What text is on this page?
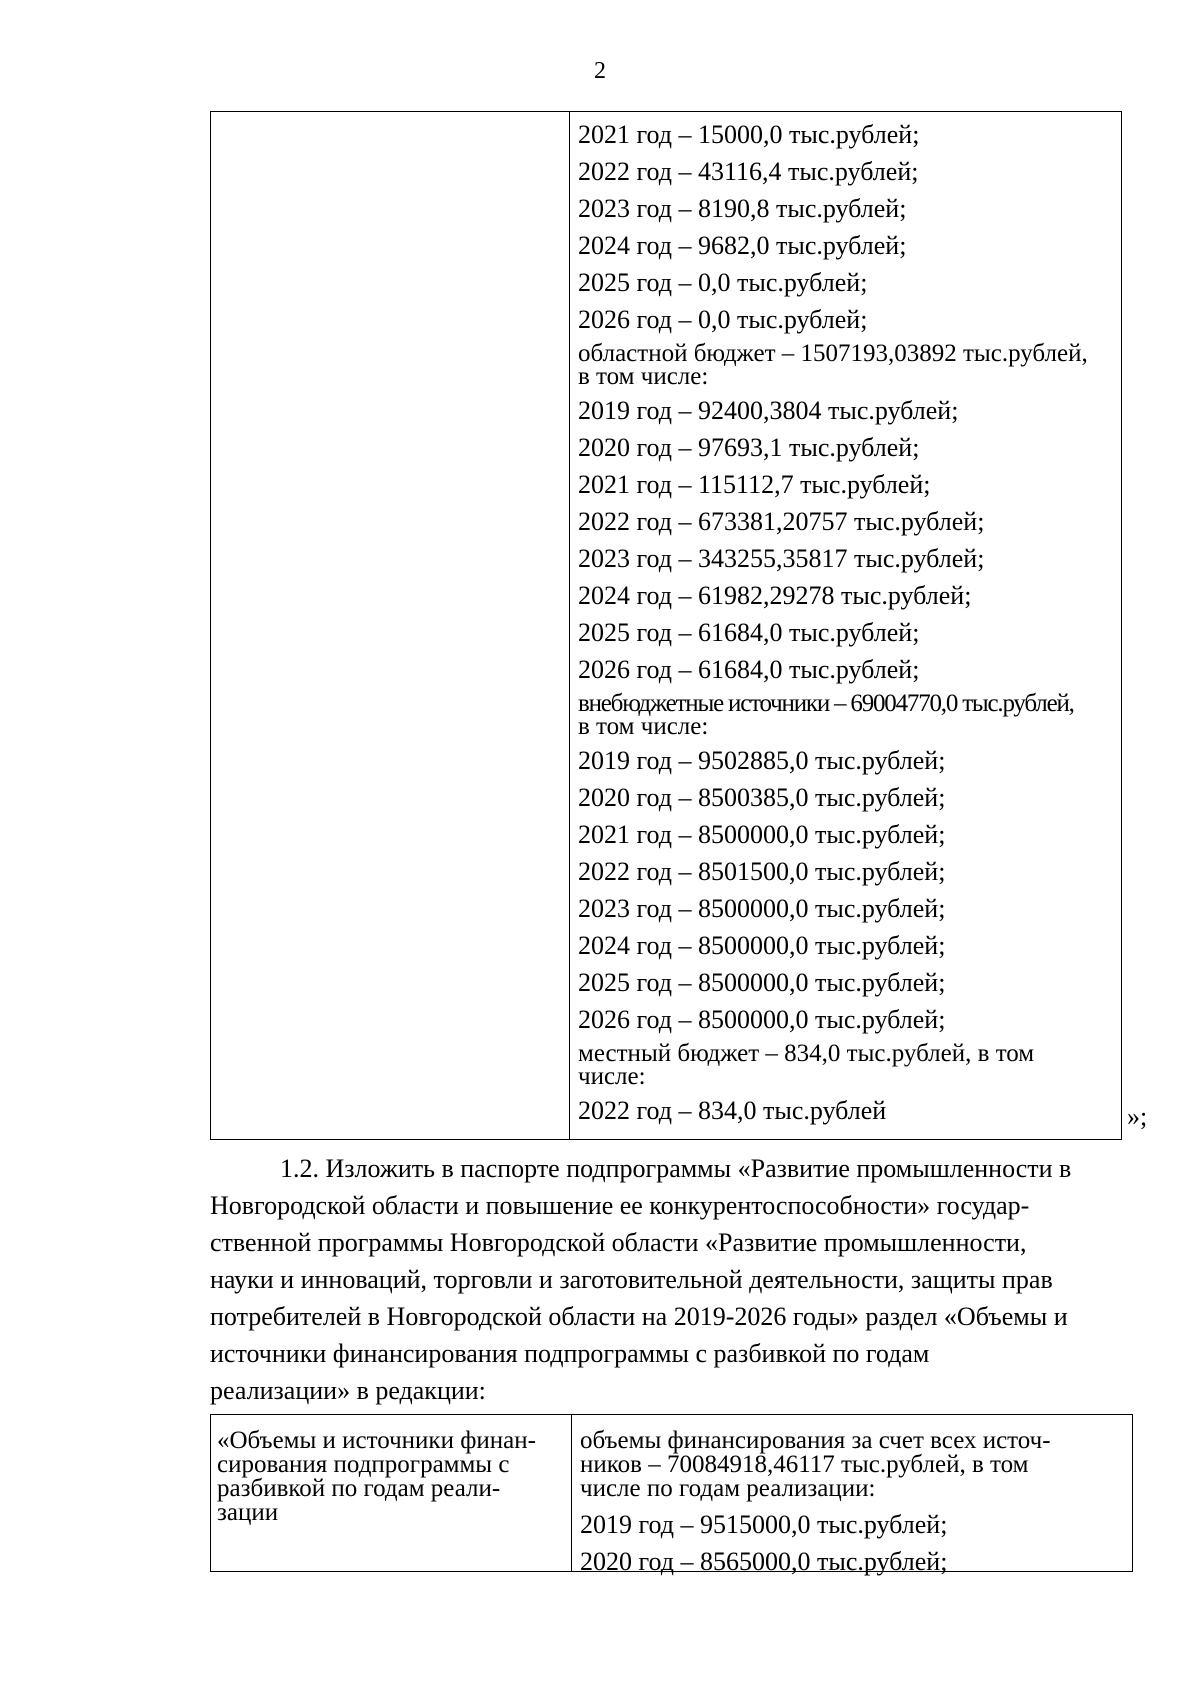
2
2021 год – 15000,0 тыс.рублей;
2022 год – 43116,4 тыс.рублей;
2023 год – 8190,8 тыс.рублей;
2024 год – 9682,0 тыс.рублей;
2025 год – 0,0 тыс.рублей;
2026 год – 0,0 тыс.рублей;
областной бюджет – 1507193,03892 тыс.рублей,
в том числе:
2019 год – 92400,3804 тыс.рублей;
2020 год – 97693,1 тыс.рублей;
2021 год – 115112,7 тыс.рублей;
2022 год – 673381,20757 тыс.рублей;
2023 год – 343255,35817 тыс.рублей;
2024 год – 61982,29278 тыс.рублей;
2025 год – 61684,0 тыс.рублей;
2026 год – 61684,0 тыс.рублей;
внебюджетные источники – 69004770,0 тыс.рублей,
в том числе:
2019 год – 9502885,0 тыс.рублей;
2020 год – 8500385,0 тыс.рублей;
2021 год – 8500000,0 тыс.рублей;
2022 год – 8501500,0 тыс.рублей;
2023 год – 8500000,0 тыс.рублей;
2024 год – 8500000,0 тыс.рублей;
2025 год – 8500000,0 тыс.рублей;
2026 год – 8500000,0 тыс.рублей;
местный бюджет – 834,0 тыс.рублей, в том
числе:
2022 год – 834,0 тыс.рублей	»;
1.2. Изложить в паспорте подпрограммы «Развитие промышленности в
Новгородской области и повышение ее конкурентоспособности» государ-
ственной программы Новгородской области «Развитие промышленности,
науки и инноваций, торговли и заготовительной деятельности, защиты прав
потребителей в Новгородской области на 2019-2026 годы» раздел «Объемы и
источники финансирования подпрограммы с разбивкой по годам
реализации» в редакции:
«Объемы и источники финан-
сирования подпрограммы с
разбивкой по годам реали-
зации
объемы финансирования за счет всех источ-
ников – 70084918,46117 тыс.рублей, в том
числе по годам реализации:
2019 год – 9515000,0 тыс.рублей;
2020 год – 8565000,0 тыс.рублей;
